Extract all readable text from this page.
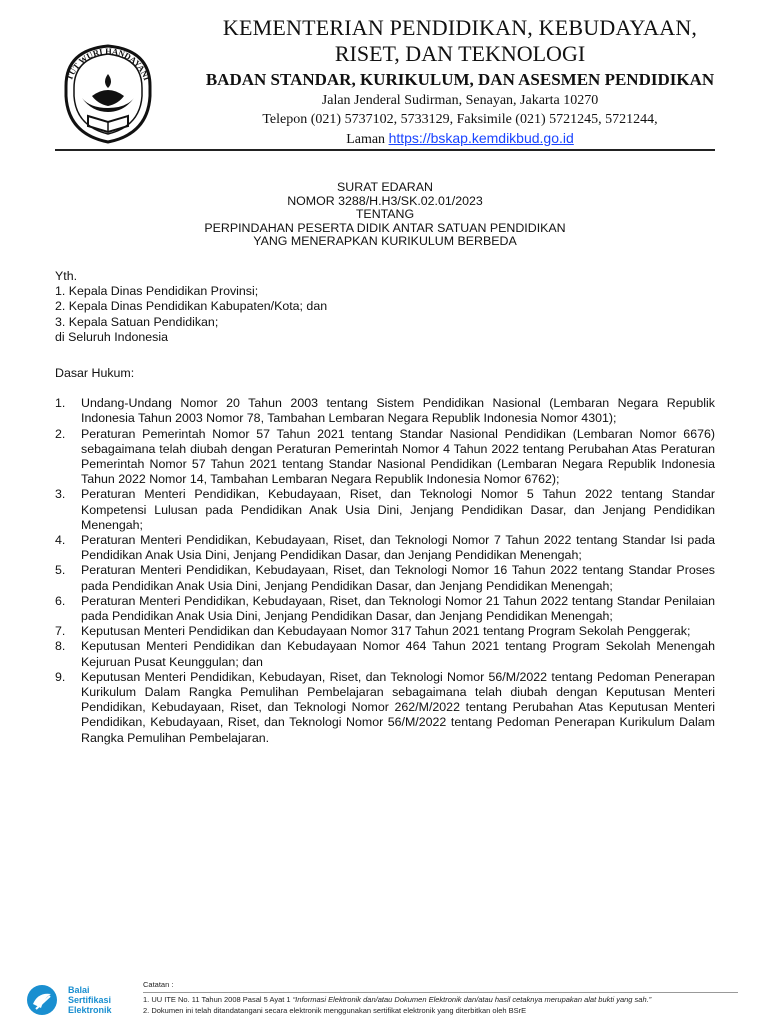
TUT WURI HANDAYANI
KEMENTERIAN PENDIDIKAN, KEBUDAYAAN,
RISET, DAN TEKNOLOGI
BADAN STANDAR, KURIKULUM, DAN ASESMEN PENDIDIKAN
Jalan Jenderal Sudirman, Senayan, Jakarta 10270
Telepon (021) 5737102, 5733129, Faksimile (021) 5721245, 5721244,
Laman https://bskap.kemdikbud.go.id
SURAT EDARAN
NOMOR 3288/H.H3/SK.02.01/2023
TENTANG
PERPINDAHAN PESERTA DIDIK ANTAR SATUAN PENDIDIKAN
YANG MENERAPKAN KURIKULUM BERBEDA

Yth.

1. Kepala Dinas Pendidikan Provinsi;

2. Kepala Dinas Pendidikan Kabupaten/Kota; dan

3. Kepala Satuan Pendidikan;

di Seluruh Indonesia

Dasar Hukum:
1. Undang-Undang Nomor 20 Tahun 2003 tentang Sistem Pendidikan Nasional (Lembaran Negara Republik Indonesia Tahun 2003 Nomor 78, Tambahan Lembaran Negara Republik Indonesia Nomor 4301);
2. Peraturan Pemerintah Nomor 57 Tahun 2021 tentang Standar Nasional Pendidikan (Lembaran Nomor 6676) sebagaimana telah diubah dengan Peraturan Pemerintah Nomor 4 Tahun 2022 tentang Perubahan Atas Peraturan Pemerintah Nomor 57 Tahun 2021 tentang Standar Nasional Pendidikan (Lembaran Negara Republik Indonesia Tahun 2022 Nomor 14, Tambahan Lembaran Negara Republik Indonesia Nomor 6762);
3. Peraturan Menteri Pendidikan, Kebudayaan, Riset, dan Teknologi Nomor 5 Tahun 2022 tentang Standar Kompetensi Lulusan pada Pendidikan Anak Usia Dini, Jenjang Pendidikan Dasar, dan Jenjang Pendidikan Menengah;
4. Peraturan Menteri Pendidikan, Kebudayaan, Riset, dan Teknologi Nomor 7 Tahun 2022 tentang Standar Isi pada Pendidikan Anak Usia Dini, Jenjang Pendidikan Dasar, dan Jenjang Pendidikan Menengah;
5. Peraturan Menteri Pendidikan, Kebudayaan, Riset, dan Teknologi Nomor 16 Tahun 2022 tentang Standar Proses pada Pendidikan Anak Usia Dini, Jenjang Pendidikan Dasar, dan Jenjang Pendidikan Menengah;
6. Peraturan Menteri Pendidikan, Kebudayaan, Riset, dan Teknologi Nomor 21 Tahun 2022 tentang Standar Penilaian pada Pendidikan Anak Usia Dini, Jenjang Pendidikan Dasar, dan Jenjang Pendidikan Menengah;
7. Keputusan Menteri Pendidikan dan Kebudayaan Nomor 317 Tahun 2021 tentang Program Sekolah Penggerak;
8. Keputusan Menteri Pendidikan dan Kebudayaan Nomor 464 Tahun 2021 tentang Program Sekolah Menengah Kejuruan Pusat Keunggulan; dan
9. Keputusan Menteri Pendidikan, Kebudayan, Riset, dan Teknologi Nomor 56/M/2022 tentang Pedoman Penerapan Kurikulum Dalam Rangka Pemulihan Pembelajaran sebagaimana telah diubah dengan Keputusan Menteri Pendidikan, Kebudayaan, Riset, dan Teknologi Nomor 262/M/2022 tentang Perubahan Atas Keputusan Menteri Pendidikan, Kebudayaan, Riset, dan Teknologi Nomor 56/M/2022 tentang Pedoman Penerapan Kurikulum Dalam Rangka Pemulihan Pembelajaran.
Balai
Sertifikasi
Elektronik
Catatan :
1. UU ITE No. 11 Tahun 2008 Pasal 5 Ayat 1 “Informasi Elektronik dan/atau Dokumen Elektronik dan/atau hasil cetaknya merupakan alat bukti yang sah.”
2. Dokumen ini telah ditandatangani secara elektronik menggunakan sertifikat elektronik yang diterbitkan oleh BSrE
